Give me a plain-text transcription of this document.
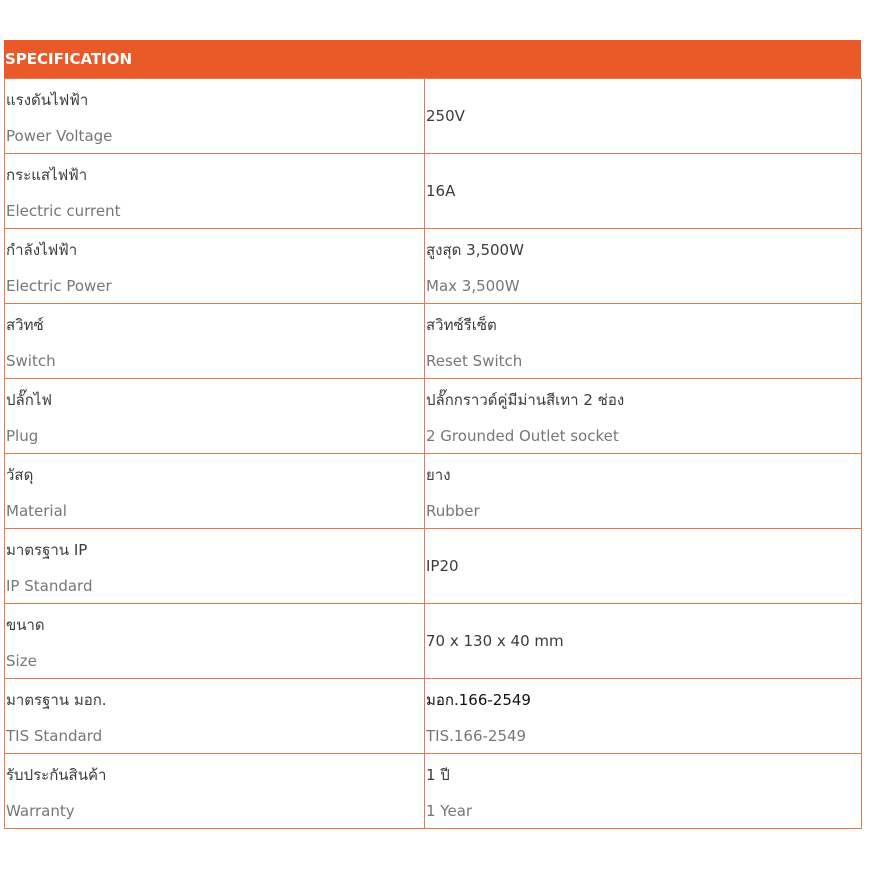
SPECIFICATION
แรงดันไฟฟ้า
Power Voltage	250V

กระแสไฟฟ้า
Electric current	16A

กำลังไฟฟ้า
Electric Power	สูงสุด 3,500W
Max 3,500W

สวิทซ์
Switch	สวิทซ์รีเซ็ต
Reset Switch

ปลั๊กไฟ
Plug	ปลั๊กกราวด์คู่มีม่านสีเทา 2 ช่อง
2 Grounded Outlet socket

วัสดุ
Material	ยาง
Rubber

มาตรฐาน IP
IP Standard	IP20

ขนาด
Size	70 x 130 x 40 mm

มาตรฐาน มอก.
TIS Standard	มอก.166-2549
TIS.166-2549

รับประกันสินค้า
Warranty	1 ปี
1 Year
